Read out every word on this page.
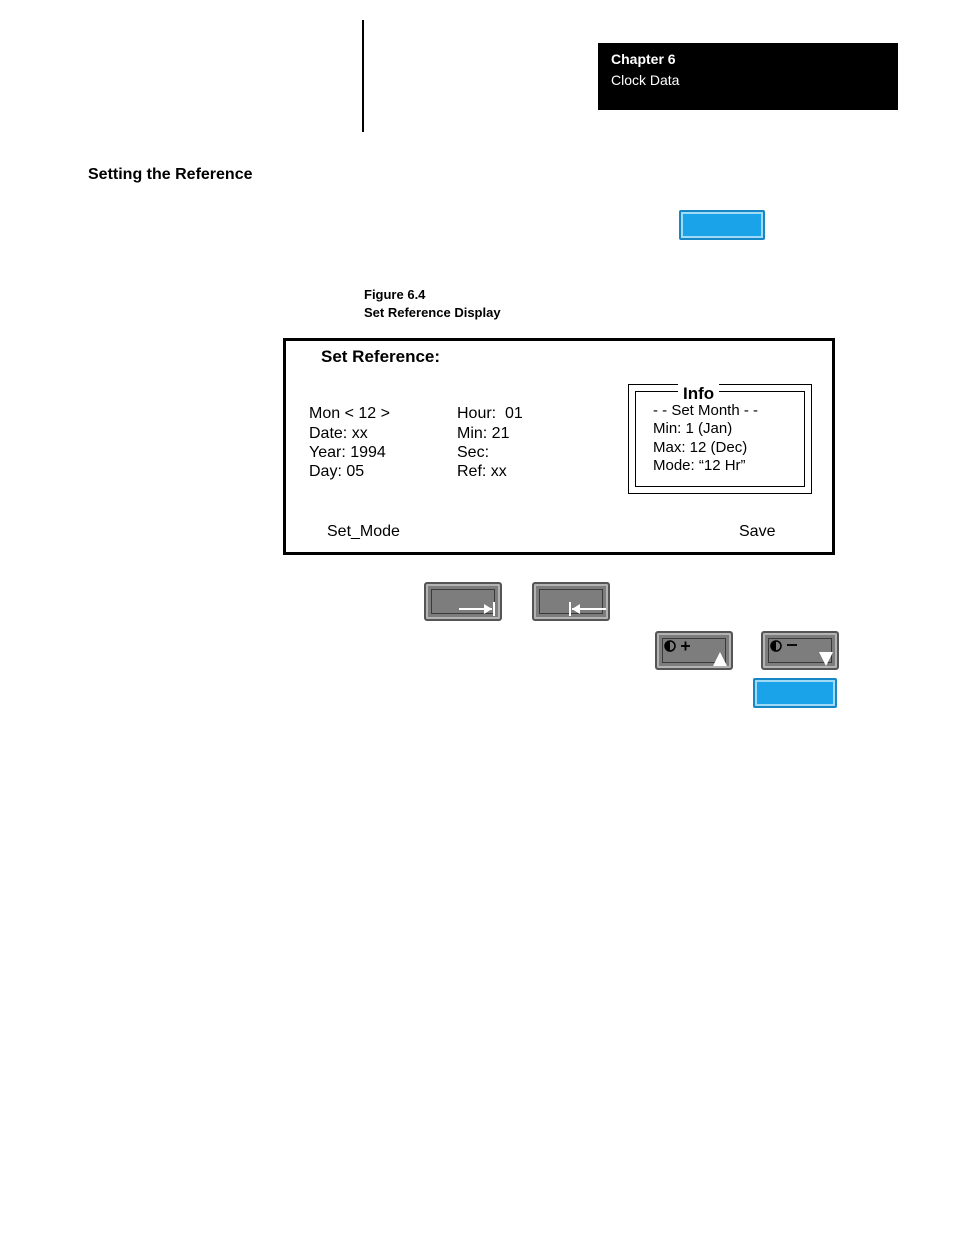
Chapter 6
Clock Data
Setting the Reference
Figure 6.4
Set Reference Display
Set Reference:
Mon < 12 >
Date: xx
Year: 1994
Day: 05
Hour:  01
Min: 21
Sec:
Ref: xx
Info
- - Set Month - -
Min: 1 (Jan)
Max: 12 (Dec)
Mode: “12 Hr”
Set_Mode	Save
